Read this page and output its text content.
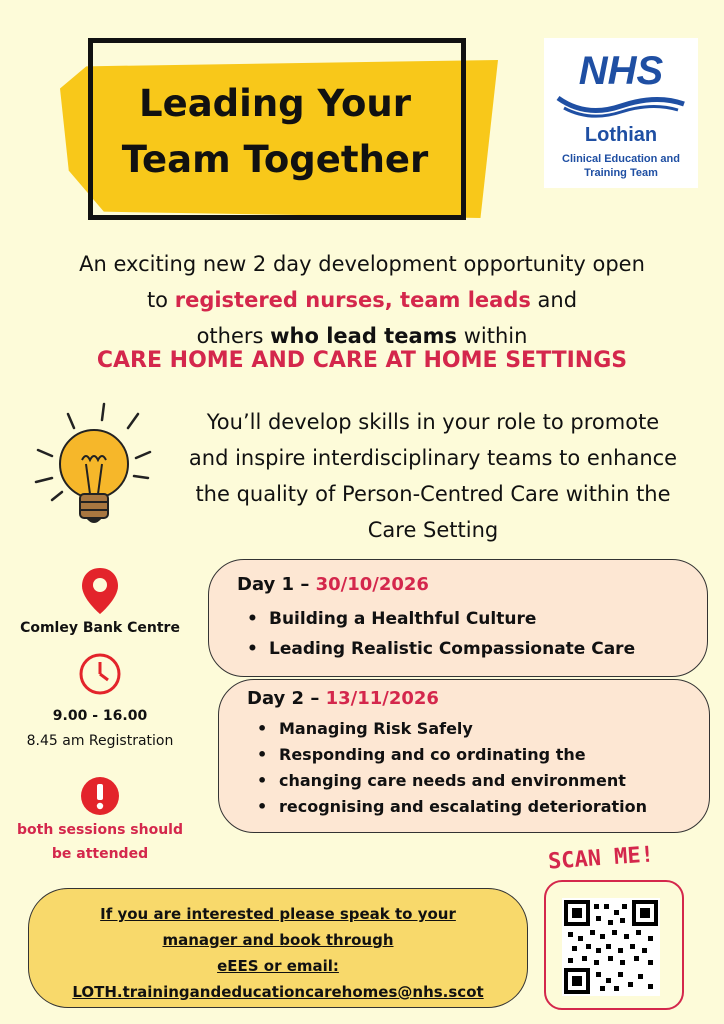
Leading Your
Team Together
NHS
Lothian
Clinical Education and
Training Team
An exciting new 2 day development opportunity open
to registered nurses, team leads and
others who lead teams within
CARE HOME AND CARE AT HOME SETTINGS
You’ll develop skills in your role to promote
and inspire interdisciplinary teams to enhance
the quality of Person-Centred Care within the
Care Setting
Comley Bank Centre
9.00 - 16.00
8.45 am Registration
both sessions should
be attended
Day 1 – 30/10/2026
• Building a Healthful Culture
• Leading Realistic Compassionate Care
Day 2 – 13/11/2026
• Managing Risk Safely
• Responding and co ordinating the
• changing care needs and environment
• recognising and escalating deterioration
If you are interested please speak to your
manager and book through
eEES or email:
LOTH.trainingandeducationcarehomes@nhs.scot
SCAN ME!
